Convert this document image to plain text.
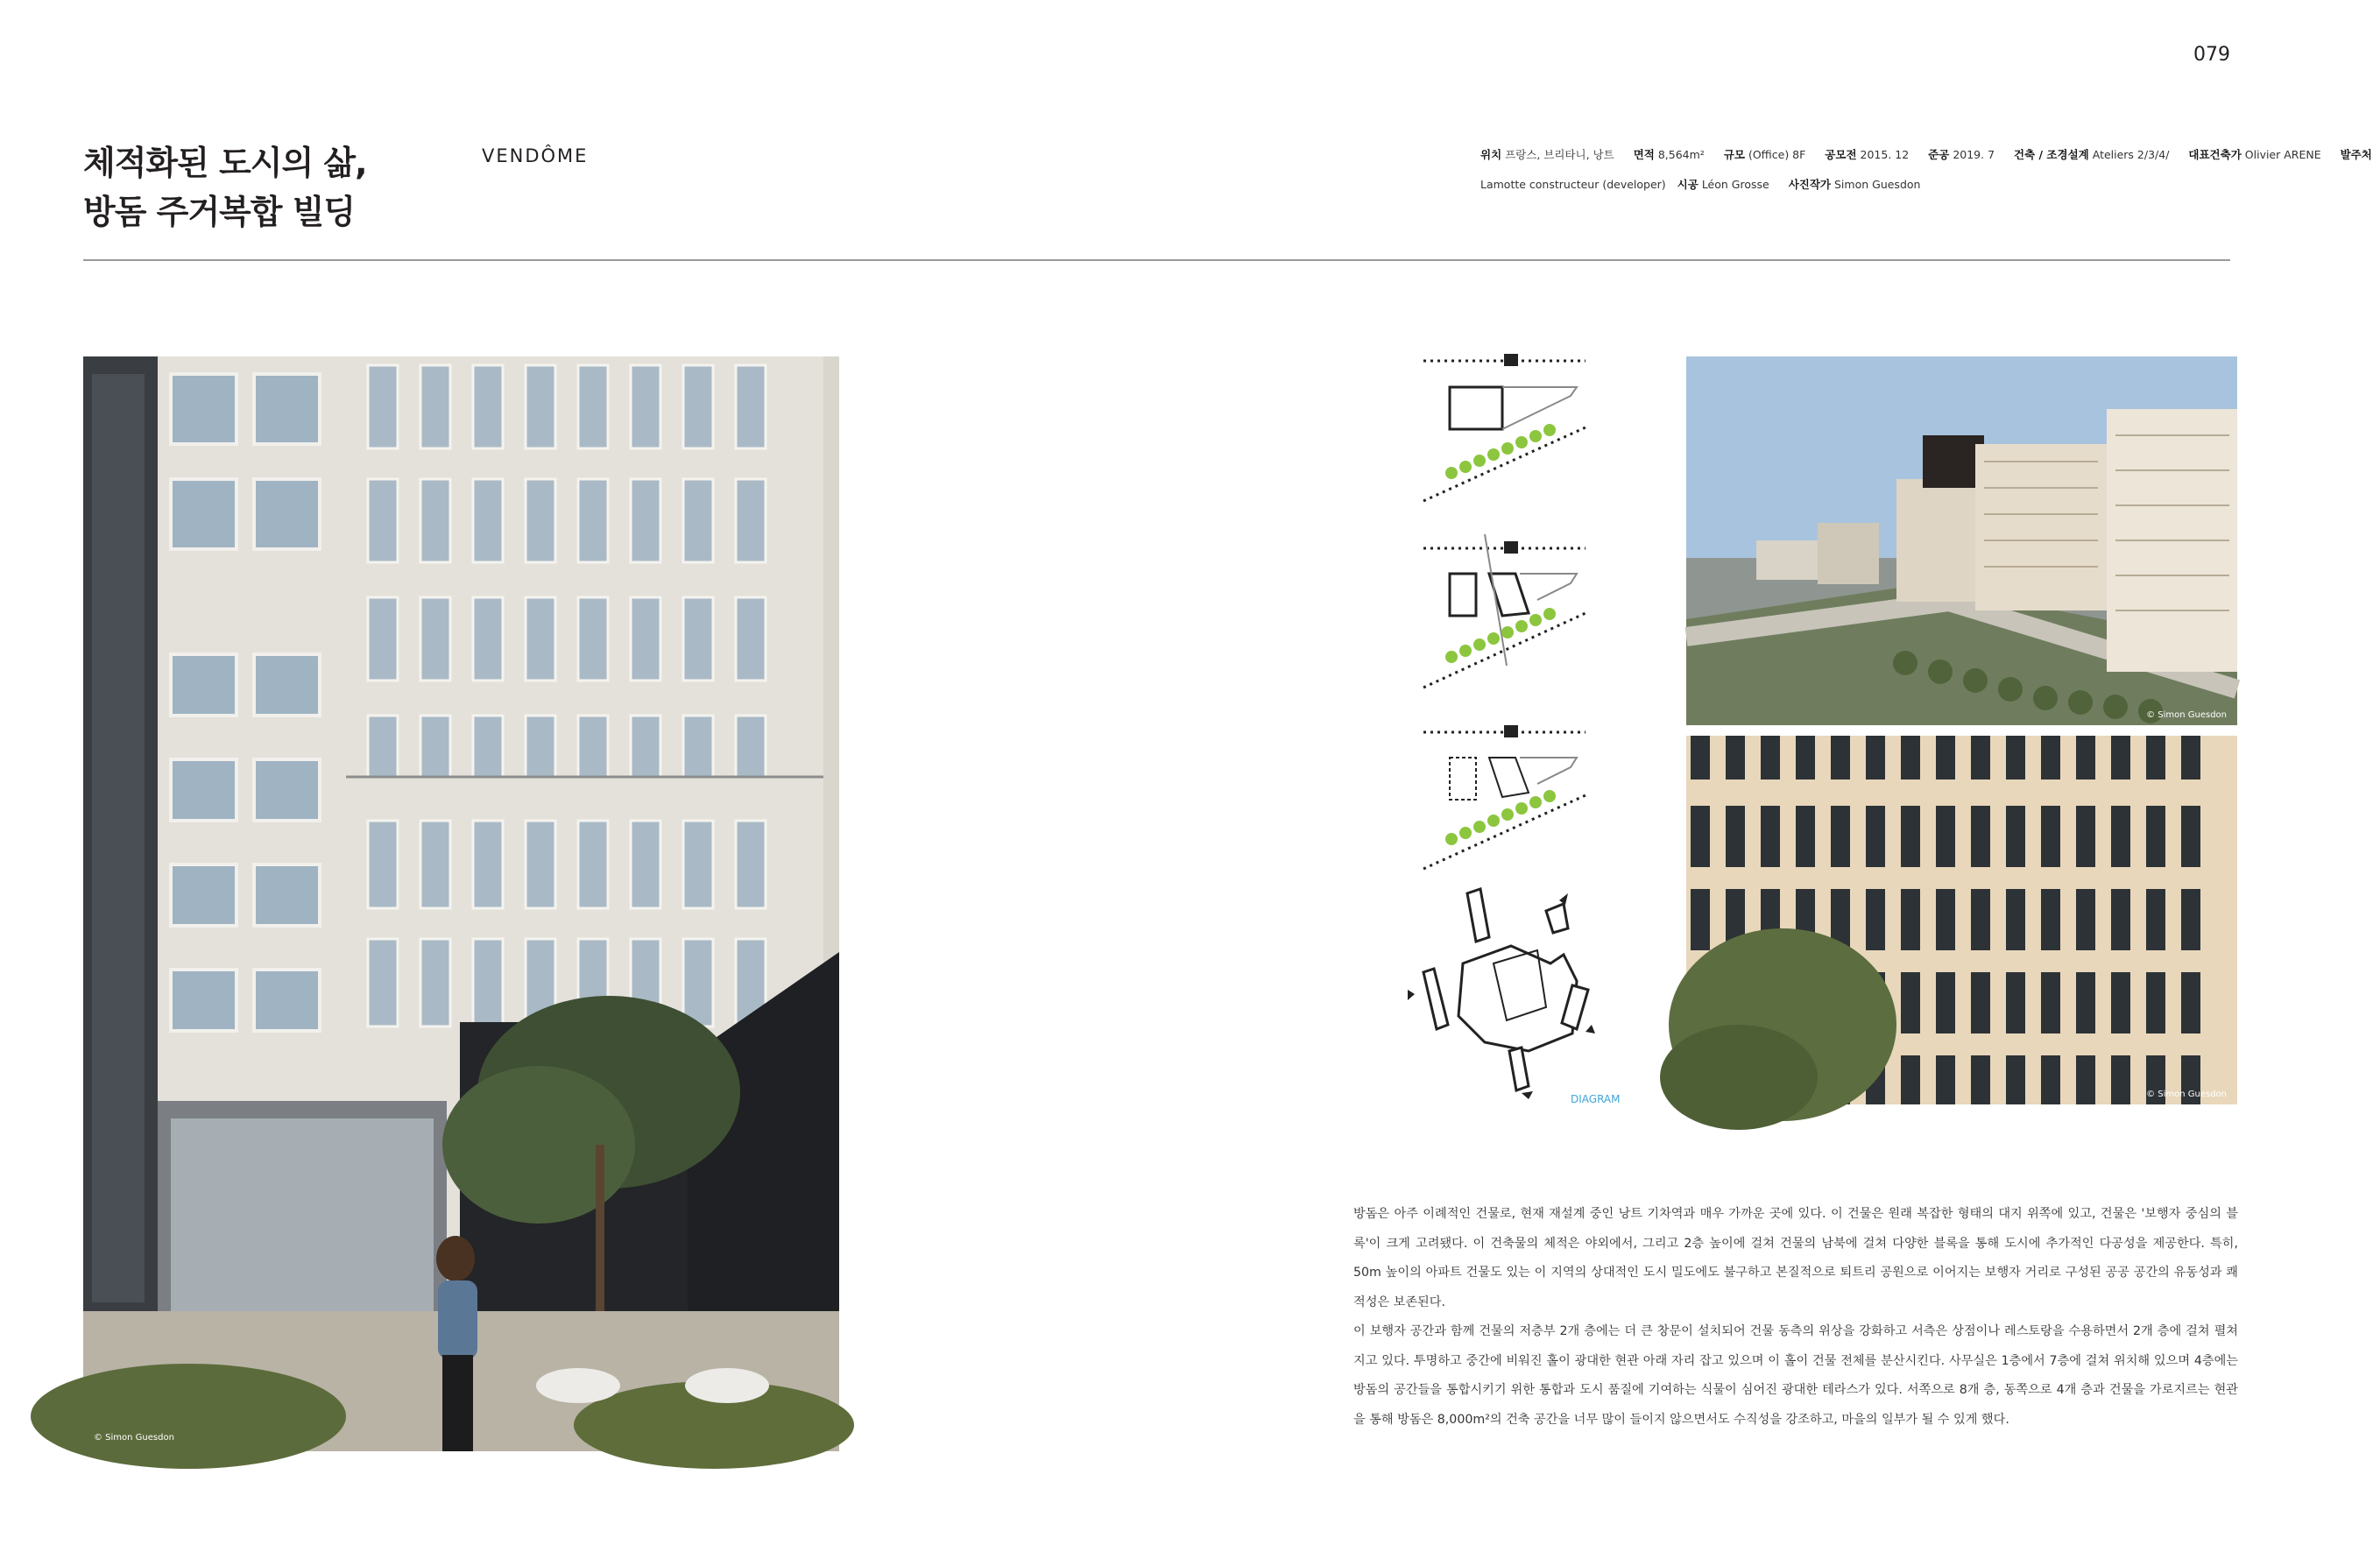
079
체적화된 도시의 삶,
방돔 주거복합 빌딩
VENDÔME	위치 프랑스, 브리타니, 낭트 면적 8,564m² 규모 (Office) 8F 공모전 2015. 12 준공 2019. 7 건축 / 조경설계 Ateliers 2/3/4/ 대표건축가 Olivier ARENE 발주처
Lamotte constructeur (developer) 시공 Léon Grosse 사진작가 Simon Guesdon
© Simon Guesdon
DIAGRAM
© Simon Guesdon
© Simon Guesdon

방돔은 아주 이례적인 건물로, 현재 재설계 중인 낭트 기차역과 매우 가까운 곳에 있다. 이 건물은 원래 복잡한 형태의 대지 위쪽에 있고, 건물은 '보행자 중심의 블록'이 크게 고려됐다. 이 건축물의 체적은 야외에서, 그리고 2층 높이에 걸쳐 건물의 남북에 걸쳐 다양한 블록을 통해 도시에 추가적인 다공성을 제공한다. 특히, 50m 높이의 아파트 건물도 있는 이 지역의 상대적인 도시 밀도에도 불구하고 본질적으로 퇴트리 공원으로 이어지는 보행자 거리로 구성된 공공 공간의 유동성과 쾌적성은 보존된다.

이 보행자 공간과 함께 건물의 저층부 2개 층에는 더 큰 창문이 설치되어 건물 동측의 위상을 강화하고 서측은 상점이나 레스토랑을 수용하면서 2개 층에 걸쳐 펼쳐지고 있다. 투명하고 중간에 비워진 홀이 광대한 현관 아래 자리 잡고 있으며 이 홀이 건물 전체를 분산시킨다. 사무실은 1층에서 7층에 걸쳐 위치해 있으며 4층에는 방돔의 공간들을 통합시키기 위한 통합과 도시 품질에 기여하는 식물이 심어진 광대한 테라스가 있다. 서쪽으로 8개 층, 동쪽으로 4개 층과 건물을 가로지르는 현관을 통해 방돔은 8,000m²의 건축 공간을 너무 많이 들이지 않으면서도 수직성을 강조하고, 마을의 일부가 될 수 있게 했다.
